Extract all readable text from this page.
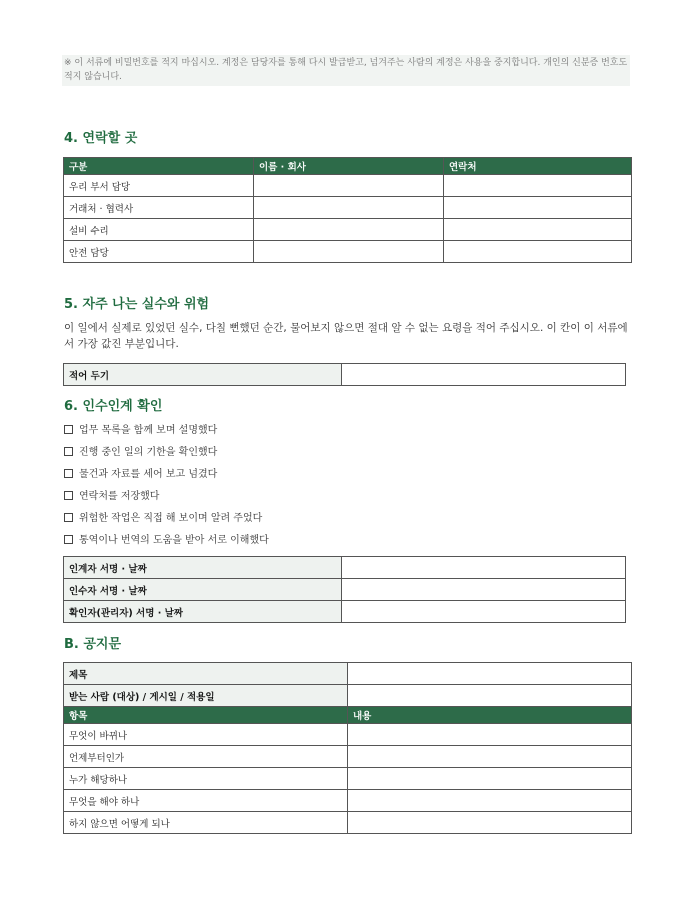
※ 이 서류에 비밀번호를 적지 마십시오. 계정은 담당자를 통해 다시 발급받고, 넘겨주는 사람의 계정은 사용을 중지합니다. 개인의 신분증 번호도 적지 않습니다.
4. 연락할 곳
구분	이름 · 회사	연락처
우리 부서 담당		
거래처 · 협력사		
설비 수리		
안전 담당		
5. 자주 나는 실수와 위험
이 일에서 실제로 있었던 실수, 다칠 뻔했던 순간, 물어보지 않으면 절대 알 수 없는 요령을 적어 주십시오. 이 칸이 이 서류에서 가장 값진 부분입니다.
적어 두기	
6. 인수인계 확인
업무 목록을 함께 보며 설명했다
진행 중인 일의 기한을 확인했다
물건과 자료를 세어 보고 넘겼다
연락처를 저장했다
위험한 작업은 직접 해 보이며 알려 주었다
통역이나 번역의 도움을 받아 서로 이해했다
인계자 서명 · 날짜	
인수자 서명 · 날짜	
확인자(관리자) 서명 · 날짜	
B. 공지문
제목	
받는 사람 (대상) / 게시일 / 적용일	
항목	내용
무엇이 바뀌나	
언제부터인가	
누가 해당하나	
무엇을 해야 하나	
하지 않으면 어떻게 되나	
